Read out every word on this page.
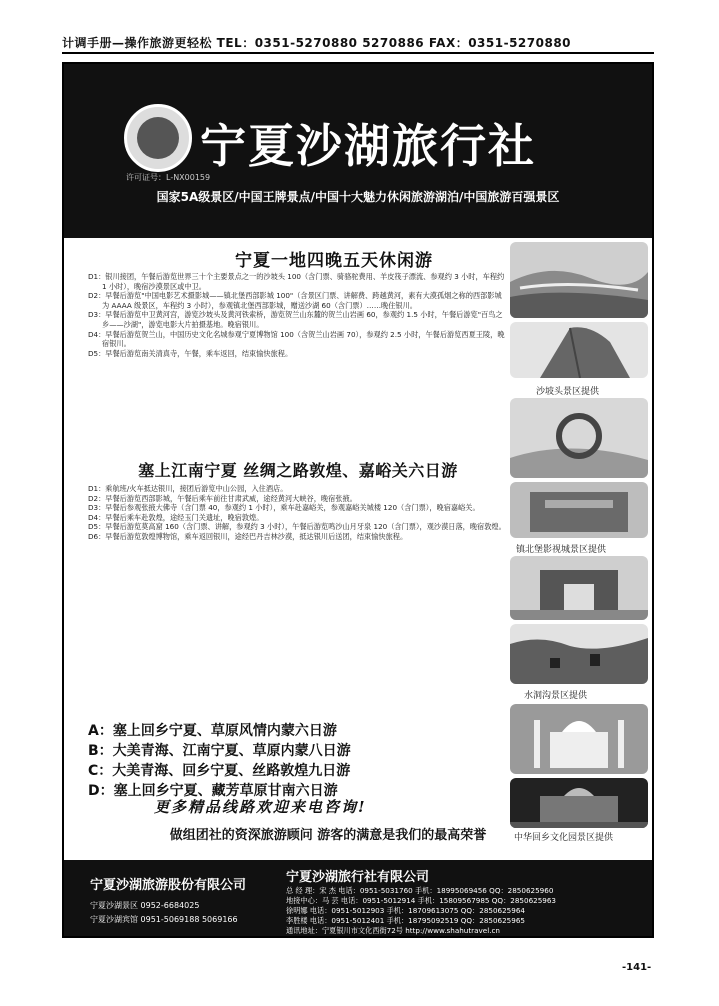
计调手册—操作旅游更轻松 TEL：0351-5270880 5270886 FAX：0351-5270880
许可证号：L-NX00159
宁夏沙湖旅行社
国家5A级景区/中国王牌景点/中国十大魅力休闲旅游湖泊/中国旅游百强景区
宁夏一地四晚五天休闲游

D1：银川接团，午餐后游览世界三十个主要景点之一的沙坡头 100（含门票、骑骆驼费用、羊皮筏子漂流、参观约 3 小时，车程约 1 小时），晚宿沙漠景区或中卫。

D2：早餐后游览"中国电影艺术摄影城——镇北堡西部影城 100"（含景区门票、讲解费、跨越黄河，素有大漠孤烟之称的西部影城为 AAAA 级景区，车程约 3 小时），参观镇北堡西部影城，赠送沙湖 60（含门票）……晚住银川。

D3：早餐后游览中卫黄河宫，游览沙坡头及黄河铁索桥，游览贺兰山东麓的贺兰山岩画 60，参观约 1.5 小时，午餐后游览"百鸟之乡——沙湖"，游览电影大片拍摄基地。晚宿银川。

D4：早餐后游览贺兰山，中国历史文化名城参观宁夏博物馆 100（含贺兰山岩画 70），参观约 2.5 小时，午餐后游览西夏王陵，晚宿银川。

D5：早餐后游览南关清真寺，午餐，乘车返回，结束愉快旅程。

塞上江南宁夏 丝绸之路敦煌、嘉峪关六日游

D1：乘航班/火车抵达银川，接团后游览中山公园，入住酒店。

D2：早餐后游览西部影城，午餐后乘车前往甘肃武威，途经黄河大峡谷，晚宿张掖。

D3：早餐后参观张掖大佛寺（含门票 40，参观约 1 小时），乘车赴嘉峪关，参观嘉峪关城楼 120（含门票），晚宿嘉峪关。

D4：早餐后乘车赴敦煌，途经玉门关遗址，晚宿敦煌。

D5：早餐后游览莫高窟 160（含门票、讲解，参观约 3 小时），午餐后游览鸣沙山月牙泉 120（含门票），观沙漠日落，晚宿敦煌。

D6：早餐后游览敦煌博物馆，乘车返回银川，途经巴丹吉林沙漠，抵达银川后送团，结束愉快旅程。

A：塞上回乡宁夏、草原风情内蒙六日游
B：大美青海、江南宁夏、草原内蒙八日游
C：大美青海、回乡宁夏、丝路敦煌九日游
D：塞上回乡宁夏、藏芳草原甘南六日游
沙坡头景区提供
镇北堡影视城景区提供
水洞沟景区提供
中华回乡文化园景区提供
更多精品线路欢迎来电咨询!
做组团社的资深旅游顾问 游客的满意是我们的最高荣誉
宁夏沙湖旅游股份有限公司
宁夏沙湖景区 0952-6684025
宁夏沙湖宾馆 0951-5069188 5069166
宁夏沙湖旅行社有限公司
总 经 理：宋 杰 电话：0951-5031760 手机：18995069456 QQ：2850625960
地接中心：马 芸 电话：0951-5012914 手机：15809567985 QQ：2850625963
徐明娜 电话：0951-5012903 手机：18709613075 QQ：2850625964
李胜楼 电话：0951-5012401 手机：18795092519 QQ：2850625965
通讯地址：宁夏银川市文化西街72号 http://www.shahutravel.cn
-141-
